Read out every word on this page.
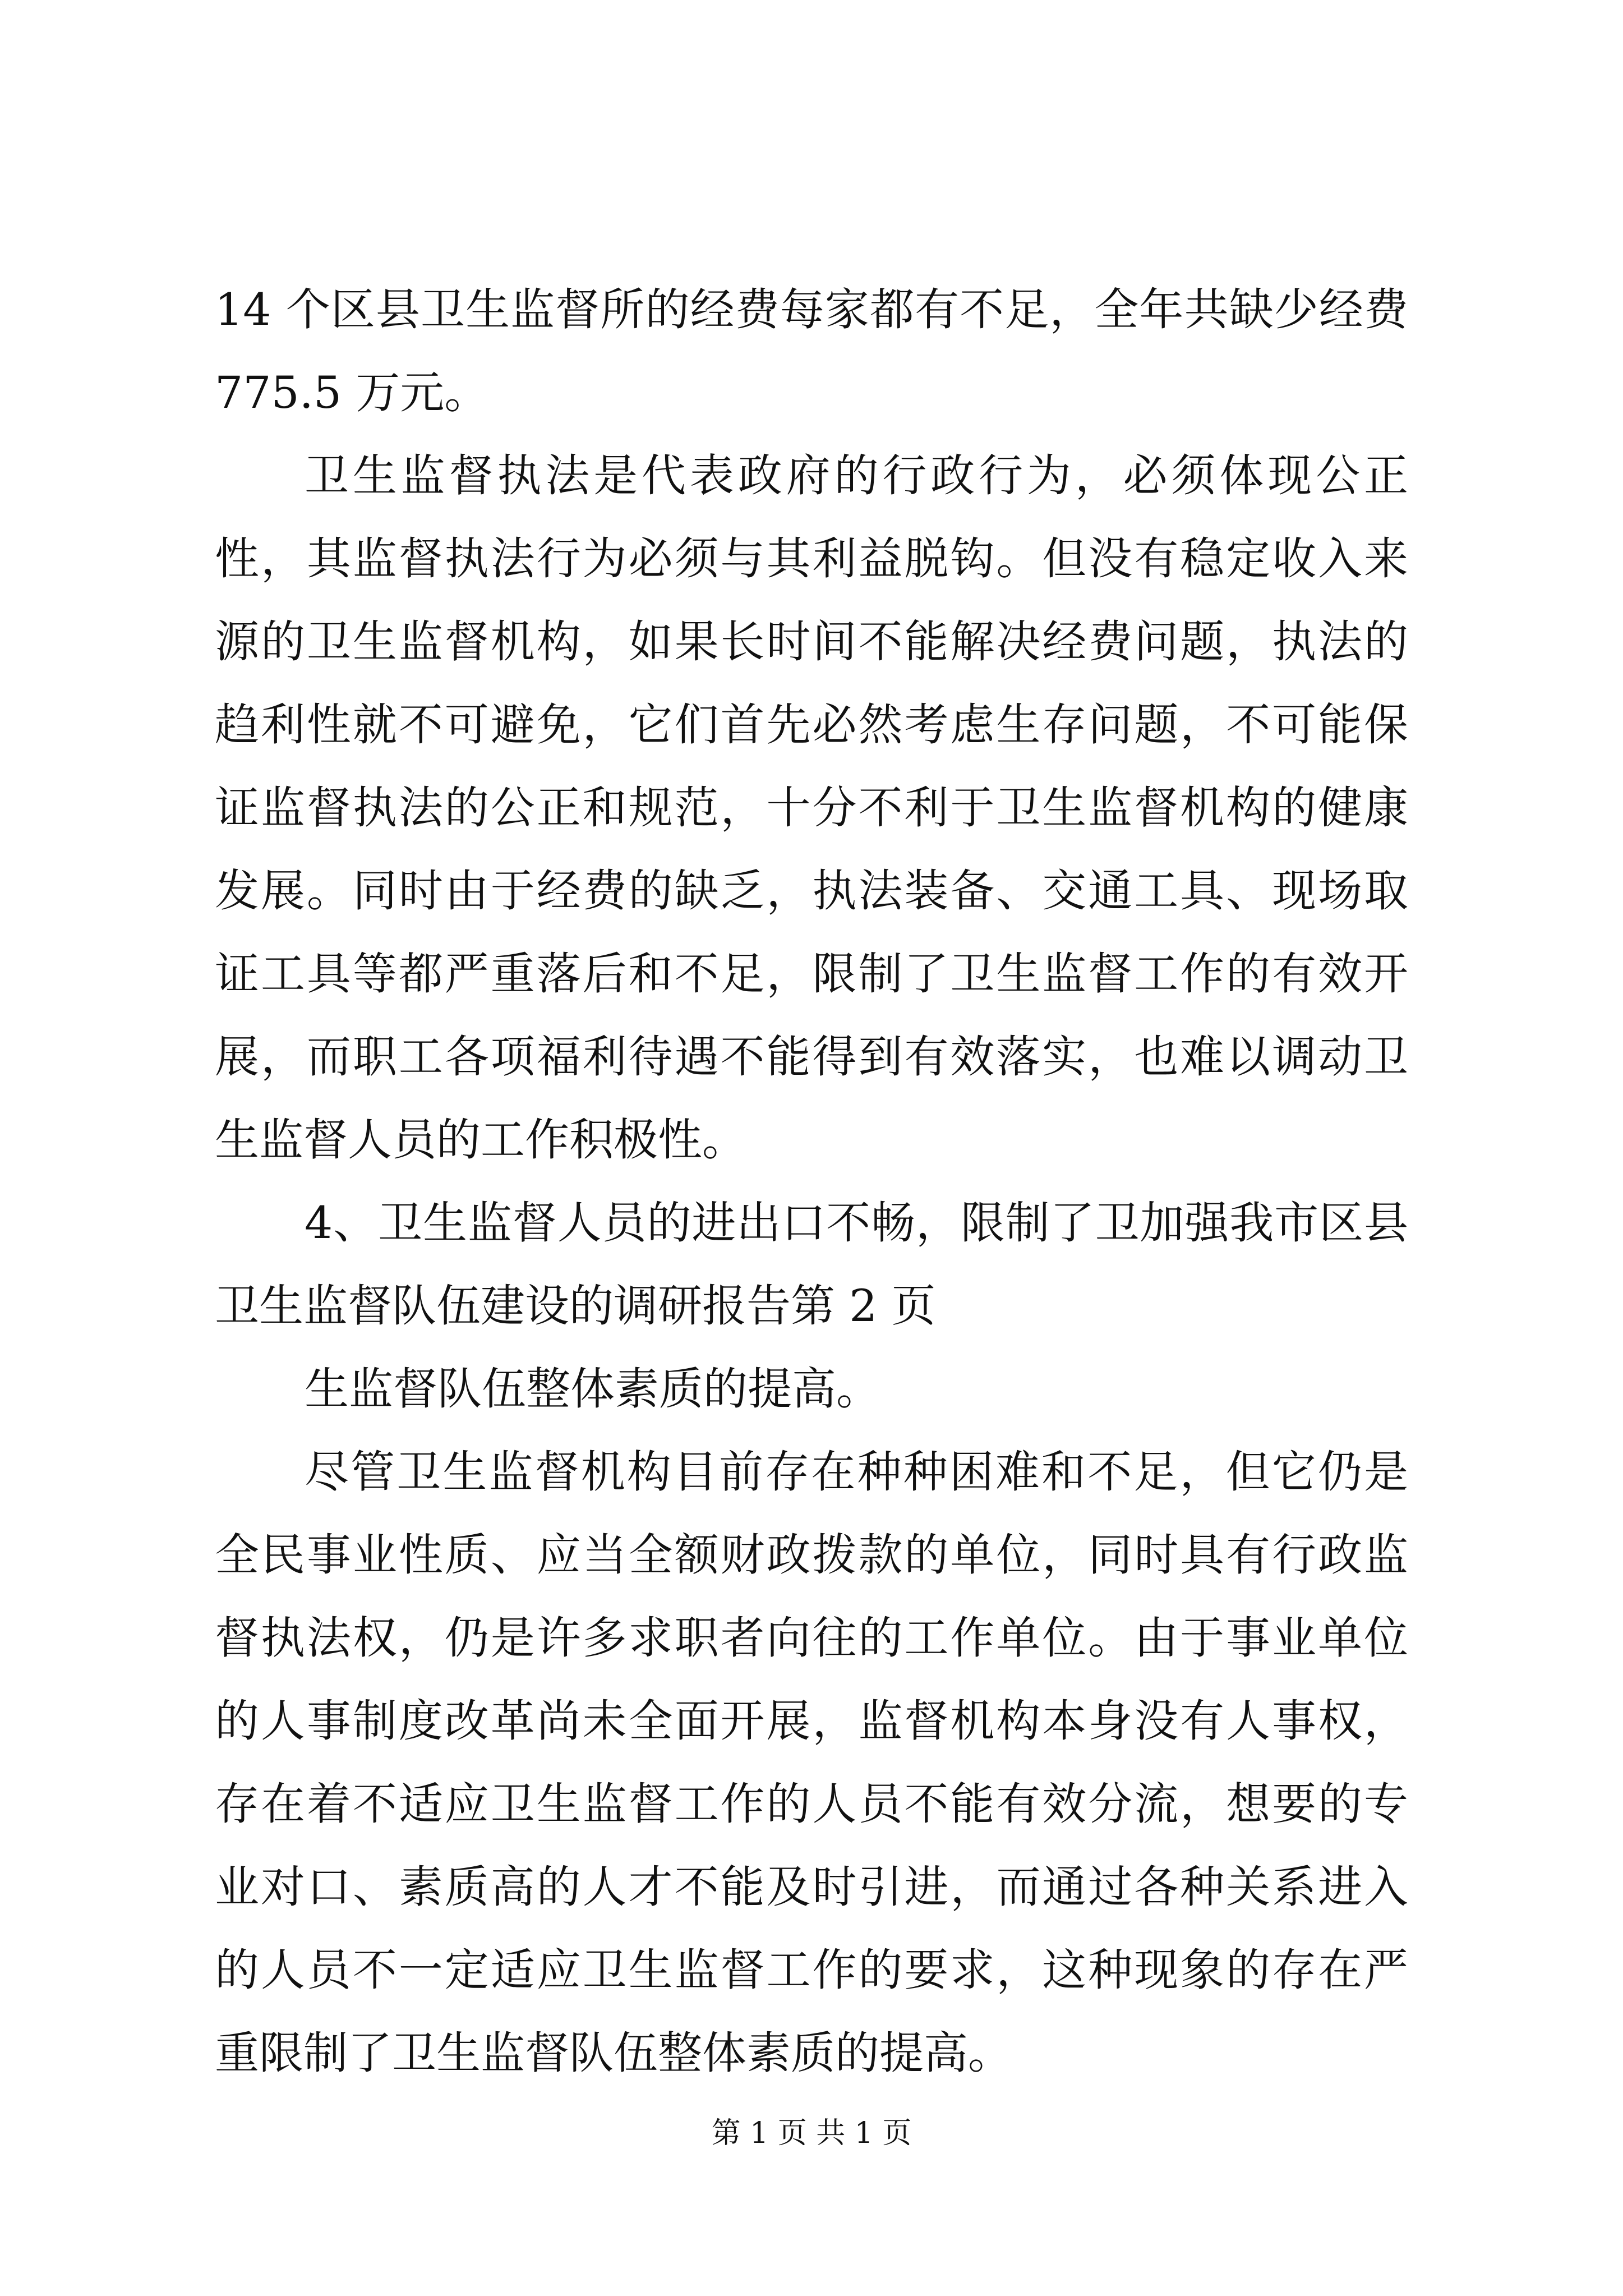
14 个区县卫生监督所的经费每家都有不足，全年共缺少经费775.5 万元。

卫生监督执法是代表政府的行政行为，必须体现公正性，其监督执法行为必须与其利益脱钩。但没有稳定收入来源的卫生监督机构，如果长时间不能解决经费问题，执法的趋利性就不可避免，它们首先必然考虑生存问题，不可能保证监督执法的公正和规范，十分不利于卫生监督机构的健康发展。同时由于经费的缺乏，执法装备、交通工具、现场取证工具等都严重落后和不足，限制了卫生监督工作的有效开展，而职工各项福利待遇不能得到有效落实，也难以调动卫生监督人员的工作积极性。

4、卫生监督人员的进出口不畅，限制了卫加强我市区县卫生监督队伍建设的调研报告第 2 页

生监督队伍整体素质的提高。

尽管卫生监督机构目前存在种种困难和不足，但它仍是全民事业性质、应当全额财政拨款的单位，同时具有行政监督执法权，仍是许多求职者向往的工作单位。由于事业单位的人事制度改革尚未全面开展，监督机构本身没有人事权，存在着不适应卫生监督工作的人员不能有效分流，想要的专业对口、素质高的人才不能及时引进，而通过各种关系进入的人员不一定适应卫生监督工作的要求，这种现象的存在严重限制了卫生监督队伍整体素质的提高。

第 1 页 共 1 页
